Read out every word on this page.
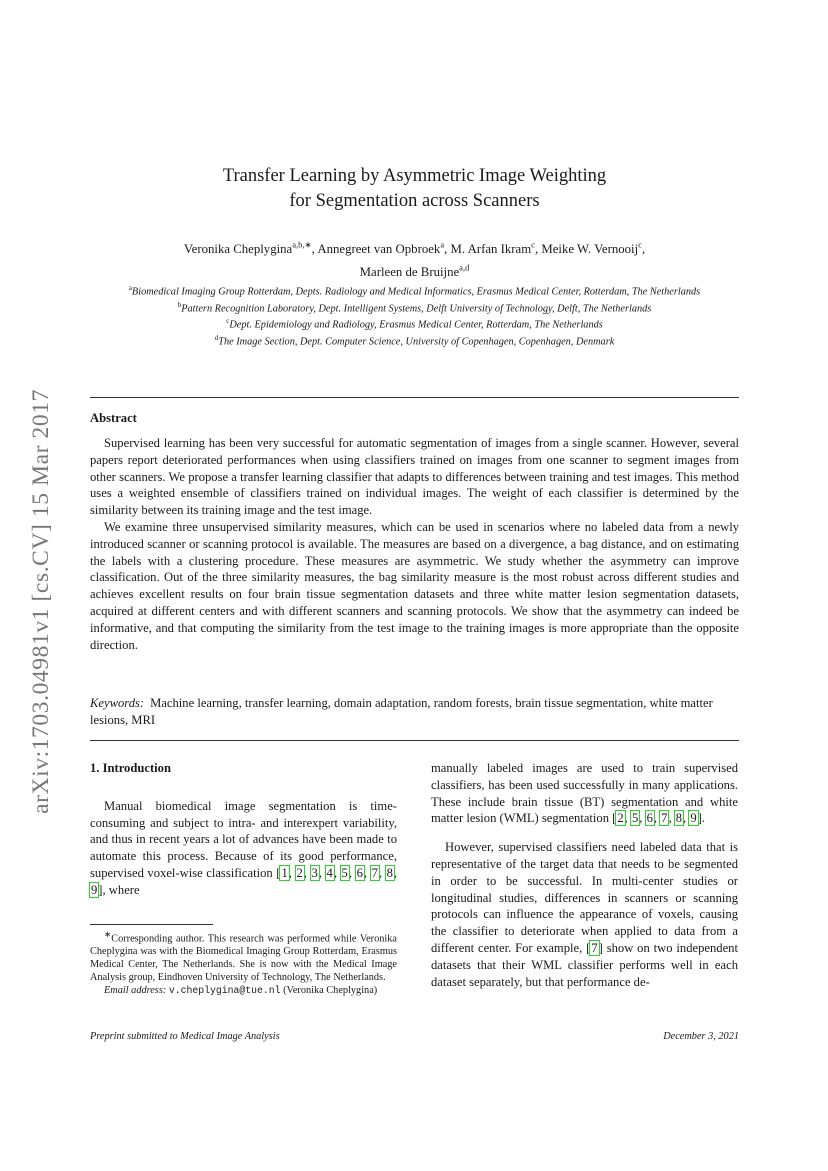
arXiv:1703.04981v1 [cs.CV] 15 Mar 2017
Transfer Learning by Asymmetric Image Weighting
for Segmentation across Scanners
Veronika Cheplygina$^{a,b,∗}$, Annegreet van Opbroek$^a$, M. Arfan Ikram$^c$, Meike W. Vernooij$^c$,
Marleen de Bruijne$^{a,d}$
$^a$Biomedical Imaging Group Rotterdam, Depts. Radiology and Medical Informatics, Erasmus Medical Center, Rotterdam, The Netherlands
$^b$Pattern Recognition Laboratory, Dept. Intelligent Systems, Delft University of Technology, Delft, The Netherlands
$^c$Dept. Epidemiology and Radiology, Erasmus Medical Center, Rotterdam, The Netherlands
$^d$The Image Section, Dept. Computer Science, University of Copenhagen, Copenhagen, Denmark
Abstract

Supervised learning has been very successful for automatic segmentation of images from a single scanner. However, several papers report deteriorated performances when using classifiers trained on images from one scanner to segment images from other scanners. We propose a transfer learning classifier that adapts to differences between training and test images. This method uses a weighted ensemble of classifiers trained on individual images. The weight of each classifier is determined by the similarity between its training image and the test image.

We examine three unsupervised similarity measures, which can be used in scenarios where no labeled data from a newly introduced scanner or scanning protocol is available. The measures are based on a divergence, a bag distance, and on estimating the labels with a clustering procedure. These measures are asymmetric. We study whether the asymmetry can improve classification. Out of the three similarity measures, the bag similarity measure is the most robust across different studies and achieves excellent results on four brain tissue segmentation datasets and three white matter lesion segmentation datasets, acquired at different centers and with different scanners and scanning protocols. We show that the asymmetry can indeed be informative, and that computing the similarity from the test image to the training images is more appropriate than the opposite direction.

Keywords: Machine learning, transfer learning, domain adaptation, random forests, brain tissue segmentation, white matter lesions, MRI

1. Introduction

Manual biomedical image segmentation is time-consuming and subject to intra- and interexpert variability, and thus in recent years a lot of advances have been made to automate this process. Because of its good performance, supervised voxel-wise classification [1, 2, 3, 4, 5, 6, 7, 8, 9], where

manually labeled images are used to train supervised classifiers, has been used successfully in many applications. These include brain tissue (BT) segmentation and white matter lesion (WML) segmentation [2, 5, 6, 7, 8, 9].

However, supervised classifiers need labeled data that is representative of the target data that needs to be segmented in order to be successful. In multi-center studies or longitudinal studies, differences in scanners or scanning protocols can influence the appearance of voxels, causing the classifier to deteriorate when applied to data from a different center. For example, [7] show on two independent datasets that their WML classifier performs well in each dataset separately, but that performance de-

∗Corresponding author. This research was performed while Veronika Cheplygina was with the Biomedical Imaging Group Rotterdam, Erasmus Medical Center, The Netherlands. She is now with the Medical Image Analysis group, Eindhoven University of Technology, The Netherlands.

Email address: v.cheplygina@tue.nl (Veronika Cheplygina)

Preprint submitted to Medical Image Analysis	December 3, 2021
